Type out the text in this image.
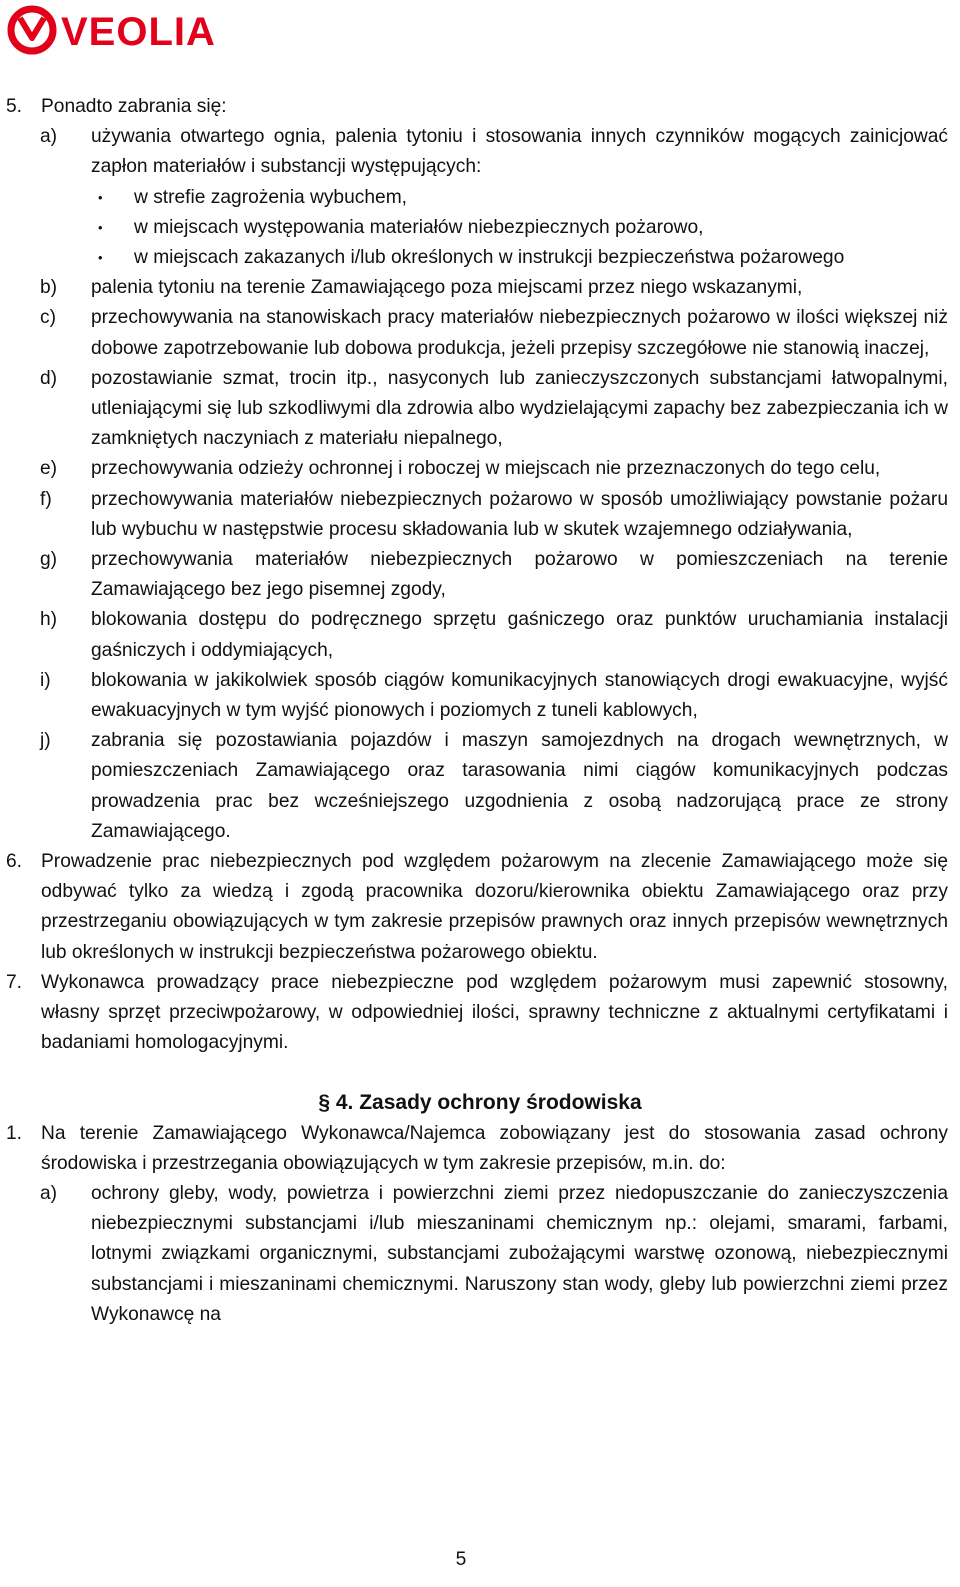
VEOLIA
5. Ponadto zabrania się:
a) używania otwartego ognia, palenia tytoniu i stosowania innych czynników mogących zainicjować zapłon materiałów i substancji występujących:
• w strefie zagrożenia wybuchem,
• w miejscach występowania materiałów niebezpiecznych pożarowo,
• w miejscach zakazanych i/lub określonych w instrukcji bezpieczeństwa pożarowego
b) palenia tytoniu na terenie Zamawiającego poza miejscami przez niego wskazanymi,
c) przechowywania na stanowiskach pracy materiałów niebezpiecznych pożarowo w ilości większej niż dobowe zapotrzebowanie lub dobowa produkcja, jeżeli przepisy szczegółowe nie stanowią inaczej,
d) pozostawianie szmat, trocin itp., nasyconych lub zanieczyszczonych substancjami łatwopalnymi, utleniającymi się lub szkodliwymi dla zdrowia albo wydzielającymi zapachy bez zabezpieczania ich w zamkniętych naczyniach z materiału niepalnego,
e) przechowywania odzieży ochronnej i roboczej w miejscach nie przeznaczonych do tego celu,
f) przechowywania materiałów niebezpiecznych pożarowo w sposób umożliwiający powstanie pożaru lub wybuchu w następstwie procesu składowania lub w skutek wzajemnego odziaływania,
g) przechowywania materiałów niebezpiecznych pożarowo w pomieszczeniach na terenie Zamawiającego bez jego pisemnej zgody,
h) blokowania dostępu do podręcznego sprzętu gaśniczego oraz punktów uruchamiania instalacji gaśniczych i oddymiających,
i) blokowania w jakikolwiek sposób ciągów komunikacyjnych stanowiących drogi ewakuacyjne, wyjść ewakuacyjnych w tym wyjść pionowych i poziomych z tuneli kablowych,
j) zabrania się pozostawiania pojazdów i maszyn samojezdnych na drogach wewnętrznych, w pomieszczeniach Zamawiającego oraz tarasowania nimi ciągów komunikacyjnych podczas prowadzenia prac bez wcześniejszego uzgodnienia z osobą nadzorującą prace ze strony Zamawiającego.
6. Prowadzenie prac niebezpiecznych pod względem pożarowym na zlecenie Zamawiającego może się odbywać tylko za wiedzą i zgodą pracownika dozoru/kierownika obiektu Zamawiającego oraz przy przestrzeganiu obowiązujących w tym zakresie przepisów prawnych oraz innych przepisów wewnętrznych lub określonych w instrukcji bezpieczeństwa pożarowego obiektu.
7. Wykonawca prowadzący prace niebezpieczne pod względem pożarowym musi zapewnić stosowny, własny sprzęt przeciwpożarowy, w odpowiedniej ilości, sprawny techniczne z aktualnymi certyfikatami i badaniami homologacyjnymi.
§ 4. Zasady ochrony środowiska
1. Na terenie Zamawiającego Wykonawca/Najemca zobowiązany jest do stosowania zasad ochrony środowiska i przestrzegania obowiązujących w tym zakresie przepisów, m.in. do:
a) ochrony gleby, wody, powietrza i powierzchni ziemi przez niedopuszczanie do zanieczyszczenia niebezpiecznymi substancjami i/lub mieszaninami chemicznym np.: olejami, smarami, farbami, lotnymi związkami organicznymi, substancjami zubożającymi warstwę ozonową, niebezpiecznymi substancjami i mieszaninami chemicznymi. Naruszony stan wody, gleby lub powierzchni ziemi przez Wykonawcę na
5
